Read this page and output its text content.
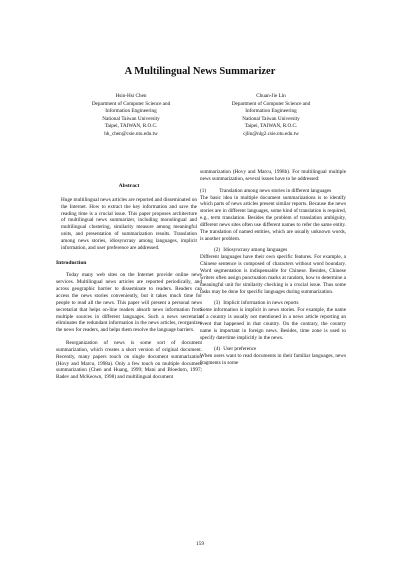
A Multilingual News Summarizer
Hsin-Hsi Chen
Department of Computer Science and
Information Engineering
National Taiwan University
Taipei, TAIWAN, R.O.C.
hh_chen@csie.ntu.edu.tw
Chuan-Jie Lin
Department of Computer Science and
Information Engineering
National Taiwan University
Taipei, TAIWAN, R.O.C.
cjlin@nlg2.csie.ntu.edu.tw
Abstract

Huge multilingual news articles are reported and disseminated on the Internet. How to extract the key information and save the reading time is a crucial issue. This paper proposes architecture of multilingual news summarizer, including monolingual and multilingual clustering, similarity measure among meaningful units, and presentation of summarization results. Translation among news stories, idiosyncrasy among languages, implicit information, and user preference are addressed.

Introduction

Today many web sites on the Internet provide online news services. Multilingual news articles are reported periodically, and across geographic barrier to disseminate to readers. Readers can access the news stories conveniently, but it takes much time for people to read all the news. This paper will present a personal news secretariat that helps on-line readers absorb news information from multiple sources in different languages. Such a news secretariat eliminates the redundant information in the news articles, reorganizes the news for readers, and helps them resolve the language barriers.

Reorganization of news is some sort of document summarization, which creates a short version of original document. Recently, many papers touch on single document summarization (Hovy and Marcu, 1998a). Only a few touch on multiple document summarization (Chen and Huang, 1999; Mani and Bloedorn, 1997; Radev and McKeown, 1998) and multilingual document

summarization (Hovy and Marcu, 1998b). For multilingual multiple news summarization, several issues have to be addressed:

(1)	Translation among news stories in different languages

The basic idea in multiple document summarizations is to identify which parts of news articles present similar reports. Because the news stories are in different languages, some kind of translation is required, e.g., term translation. Besides the problem of translation ambiguity, different news sites often use different names to refer the same entity. The translation of named entities, which are usually unknown words, is another problem.

(2) Idiosyncrasy among languages

Different languages have their own specific features. For example, a Chinese sentence is composed of characters without word boundary. Word segmentation is indispensable for Chinese. Besides, Chinese writers often assign punctuation marks at random, how to determine a meaningful unit for similarity checking is a crucial issue. Thus some tasks may be done for specific languages during summarization.

(3) Implicit information in news reports

Some information is implicit in news stories. For example, the name of a country is usually not mentioned in a news article reporting an event that happened in that country. On the contrary, the country name is important in foreign news. Besides, time zone is used to specify date/time implicitly in the news.

(4) User preference

When users want to read documents in their familiar languages, news fragments in some

159
